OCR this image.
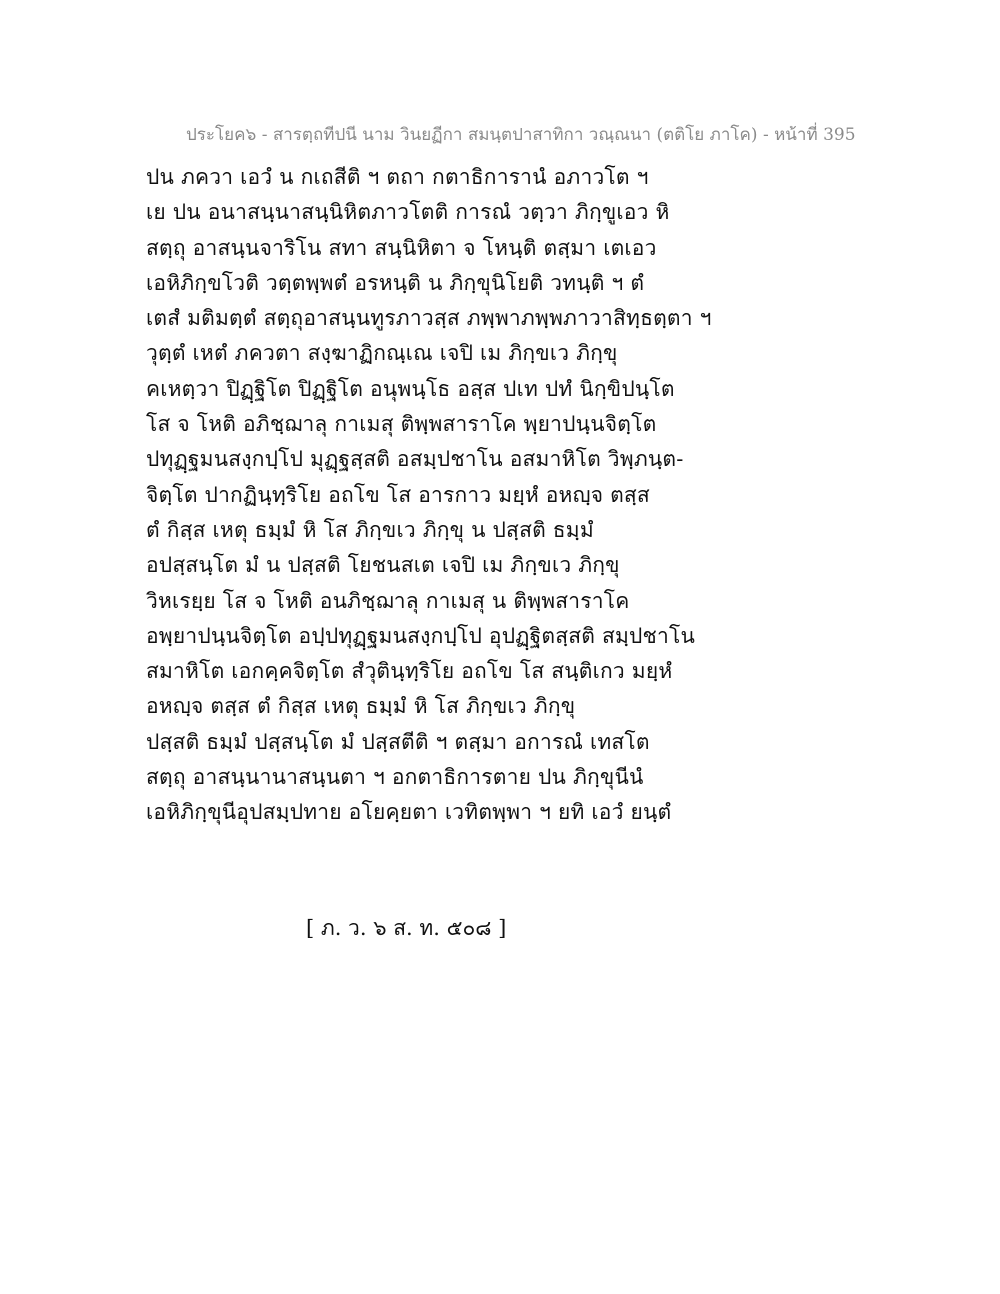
ประโยค๖ - สารตฺถทีปนี นาม วินยฏีกา สมนฺตปาสาทิกา วณฺณนา (ตติโย ภาโค) - หน้าที่ 395
ปน ภควา เอวํ น กเถสีติ ฯ ตถา กตาธิการานํ อภาวโต ฯ
เย ปน อนาสนฺนาสนฺนิหิตภาวโตติ การณํ วตฺวา ภิกฺขูเอว หิ
สตฺถุ อาสนฺนจาริโน สทา สนฺนิหิตา จ โหนฺติ ตสฺมา เตเอว
เอหิภิกฺขโวติ วตฺตพฺพตํ อรหนฺติ น ภิกฺขุนิโยติ วทนฺติ ฯ ตํ
เตสํ มติมตฺตํ สตฺถุอาสนฺนทูรภาวสฺส ภพฺพาภพฺพภาวาสิทฺธตฺตา ฯ
วุตฺตํ เหตํ ภควตา สงฺฆาฏิกณฺเณ เจปิ เม ภิกฺขเว ภิกฺขุ
คเหตฺวา ปิฏฺฐิโต ปิฏฺฐิโต อนุพนฺโธ อสฺส ปเท ปทํ นิกฺขิปนฺโต
โส จ โหติ อภิชฺฌาลุ กาเมสุ ติพฺพสาราโค พฺยาปนฺนจิตฺโต
ปทุฏฺฐมนสงฺกปฺโป มุฏฺฐสฺสติ อสมฺปชาโน อสมาหิโต วิพฺภนฺต-
จิตฺโต ปากฏินฺทฺริโย อถโข โส อารกาว มยฺหํ อหญฺจ ตสฺส
ตํ กิสฺส เหตุ ธมฺมํ หิ โส ภิกฺขเว ภิกฺขุ น ปสฺสติ ธมฺมํ
อปสฺสนฺโต มํ น ปสฺสติ โยชนสเต เจปิ เม ภิกฺขเว ภิกฺขุ
วิหเรยฺย โส จ โหติ อนภิชฺฌาลุ กาเมสุ น ติพฺพสาราโค
อพฺยาปนฺนจิตฺโต อปฺปทุฏฺฐมนสงฺกปฺโป อุปฏฺฐิตสฺสติ สมฺปชาโน
สมาหิโต เอกคฺคจิตฺโต สํวุตินฺทฺริโย อถโข โส สนฺติเกว มยฺหํ
อหญฺจ ตสฺส ตํ กิสฺส เหตุ ธมฺมํ หิ โส ภิกฺขเว ภิกฺขุ
ปสฺสติ ธมฺมํ ปสฺสนฺโต มํ ปสฺสตีติ ฯ ตสฺมา อการณํ เทสโต
สตฺถุ อาสนฺนานาสนฺนตา ฯ อกตาธิการตาย ปน ภิกฺขุนีนํ
เอหิภิกฺขุนีอุปสมฺปทาย อโยคฺยตา เวทิตพฺพา ฯ ยทิ เอวํ ยนฺตํ
[ ภ. ว. ๖ ส. ท. ๕๐๘ ]
